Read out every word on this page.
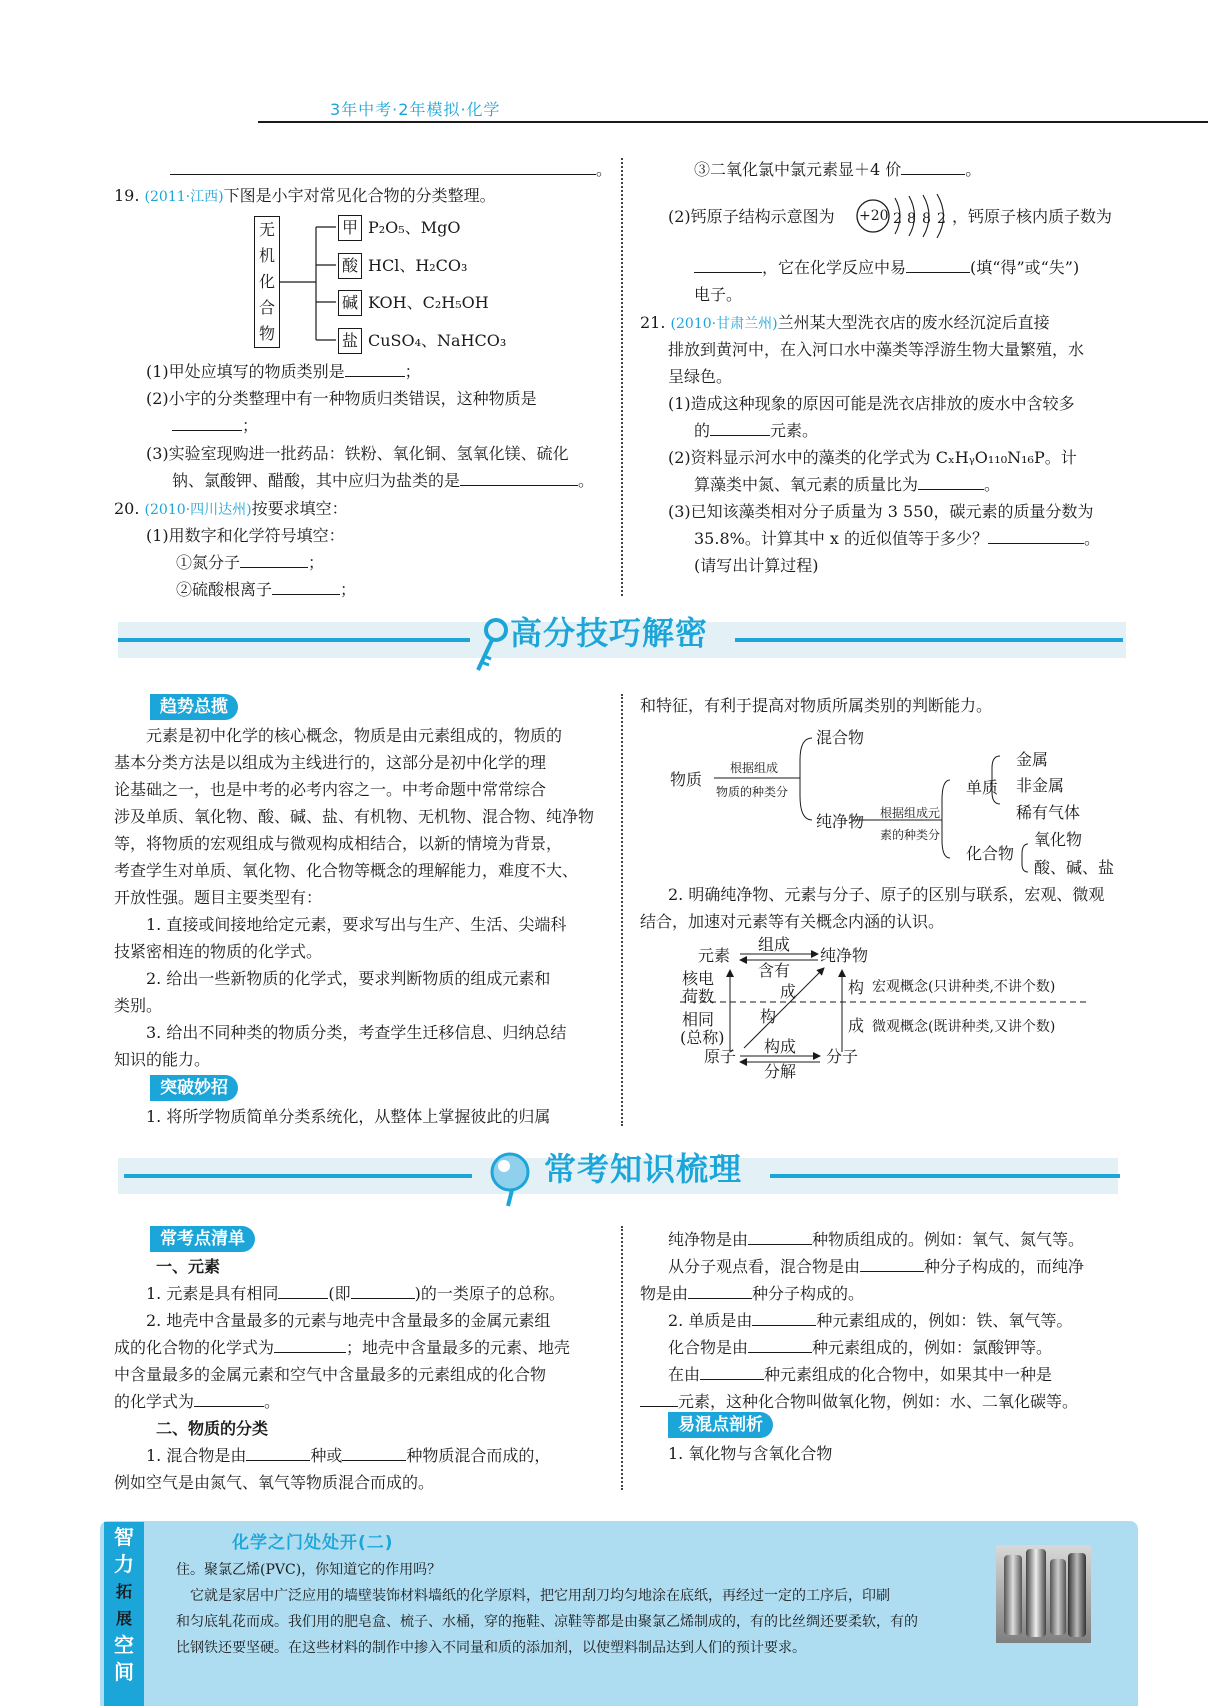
3年中考·2年模拟·化学
。
19. (2011·江西)下图是小宇对常见化合物的分类整理。
无
机
化
合
物
甲 P₂O₅、MgO
酸 HCl、H₂CO₃
碱 KOH、C₂H₅OH
盐 CuSO₄、NaHCO₃
(1)甲处应填写的物质类别是	；
(2)小宇的分类整理中有一种物质归类错误，这种物质是
；
(3)实验室现购进一批药品：铁粉、氧化铜、氢氧化镁、硫化
钠、氯酸钾、醋酸，其中应归为盐类的是	。
20. (2010·四川达州)按要求填空：
(1)用数字和化学符号填空：
①氮分子	；
②硫酸根离子	；
③二氧化氯中氯元素显＋4 价	。
(2)钙原子结构示意图为 +20 2 8 8 2 ，钙原子核内质子数为
，它在化学反应中易	(填“得”或“失”)
电子。
21. (2010·甘肃兰州)兰州某大型洗衣店的废水经沉淀后直接
排放到黄河中，在入河口水中藻类等浮游生物大量繁殖，水
呈绿色。
(1)造成这种现象的原因可能是洗衣店排放的废水中含较多
的	元素。
(2)资料显示河水中的藻类的化学式为 CₓHᵧO₁₁₀N₁₆P。计
算藻类中氮、氧元素的质量比为	。
(3)已知该藻类相对分子质量为 3 550，碳元素的质量分数为
35.8%。计算其中 x 的近似值等于多少？	。
(请写出计算过程)
高分技巧解密
趋势总揽
元素是初中化学的核心概念，物质是由元素组成的，物质的
基本分类方法是以组成为主线进行的，这部分是初中化学的理
论基础之一，也是中考的必考内容之一。中考命题中常常综合
涉及单质、氧化物、酸、碱、盐、有机物、无机物、混合物、纯净物
等，将物质的宏观组成与微观构成相结合，以新的情境为背景，
考查学生对单质、氧化物、化合物等概念的理解能力，难度不大、
开放性强。题目主要类型有：
1. 直接或间接地给定元素，要求写出与生产、生活、尖端科
技紧密相连的物质的化学式。
2. 给出一些新物质的化学式，要求判断物质的组成元素和
类别。
3. 给出不同种类的物质分类，考查学生迁移信息、归纳总结
知识的能力。
突破妙招
1. 将所学物质简单分类系统化，从整体上掌握彼此的归属
和特征，有利于提高对物质所属类别的判断能力。
物质
根据组成
物质的种类分
混合物
纯净物 根据组成元
素的种类分
单质
金属
非金属
稀有气体
化合物
氧化物
酸、碱、盐
2. 明确纯净物、元素与分子、原子的区别与联系，宏观、微观
结合，加速对元素等有关概念内涵的认识。
元素	纯净物
组成
含有
核电
荷数
相同
(总称)
成
构
构
成
宏观概念(只讲种类,不讲个数)
微观概念(既讲种类,又讲个数)
原子	分子
构成
分解
常考知识梳理
常考点清单
一、元素
1. 元素是具有相同	(即	)的一类原子的总称。
2. 地壳中含量最多的元素与地壳中含量最多的金属元素组
成的化合物的化学式为	；地壳中含量最多的元素、地壳
中含量最多的金属元素和空气中含量最多的元素组成的化合物
的化学式为	。
二、物质的分类
1. 混合物是由	种或	种物质混合而成的，
例如空气是由氮气、氧气等物质混合而成的。
纯净物是由	种物质组成的。例如：氧气、氮气等。
从分子观点看，混合物是由	种分子构成的，而纯净
物是由	种分子构成的。
2. 单质是由	种元素组成的，例如：铁、氧气等。
化合物是由	种元素组成的，例如：氯酸钾等。
在由	种元素组成的化合物中，如果其中一种是
元素，这种化合物叫做氧化物，例如：水、二氧化碳等。
易混点剖析
1. 氧化物与含氧化合物
智
力
拓
展
空
间
化学之门处处开(二)
住。聚氯乙烯(PVC)，你知道它的作用吗？
它就是家居中广泛应用的墙壁装饰材料墙纸的化学原料，把它用刮刀均匀地涂在底纸，再经过一定的工序后，印刷
和匀底轧花而成。我们用的肥皂盒、梳子、水桶，穿的拖鞋、凉鞋等都是由聚氯乙烯制成的，有的比丝绸还要柔软，有的
比钢铁还要坚硬。在这些材料的制作中掺入不同量和质的添加剂，以使塑料制品达到人们的预计要求。
